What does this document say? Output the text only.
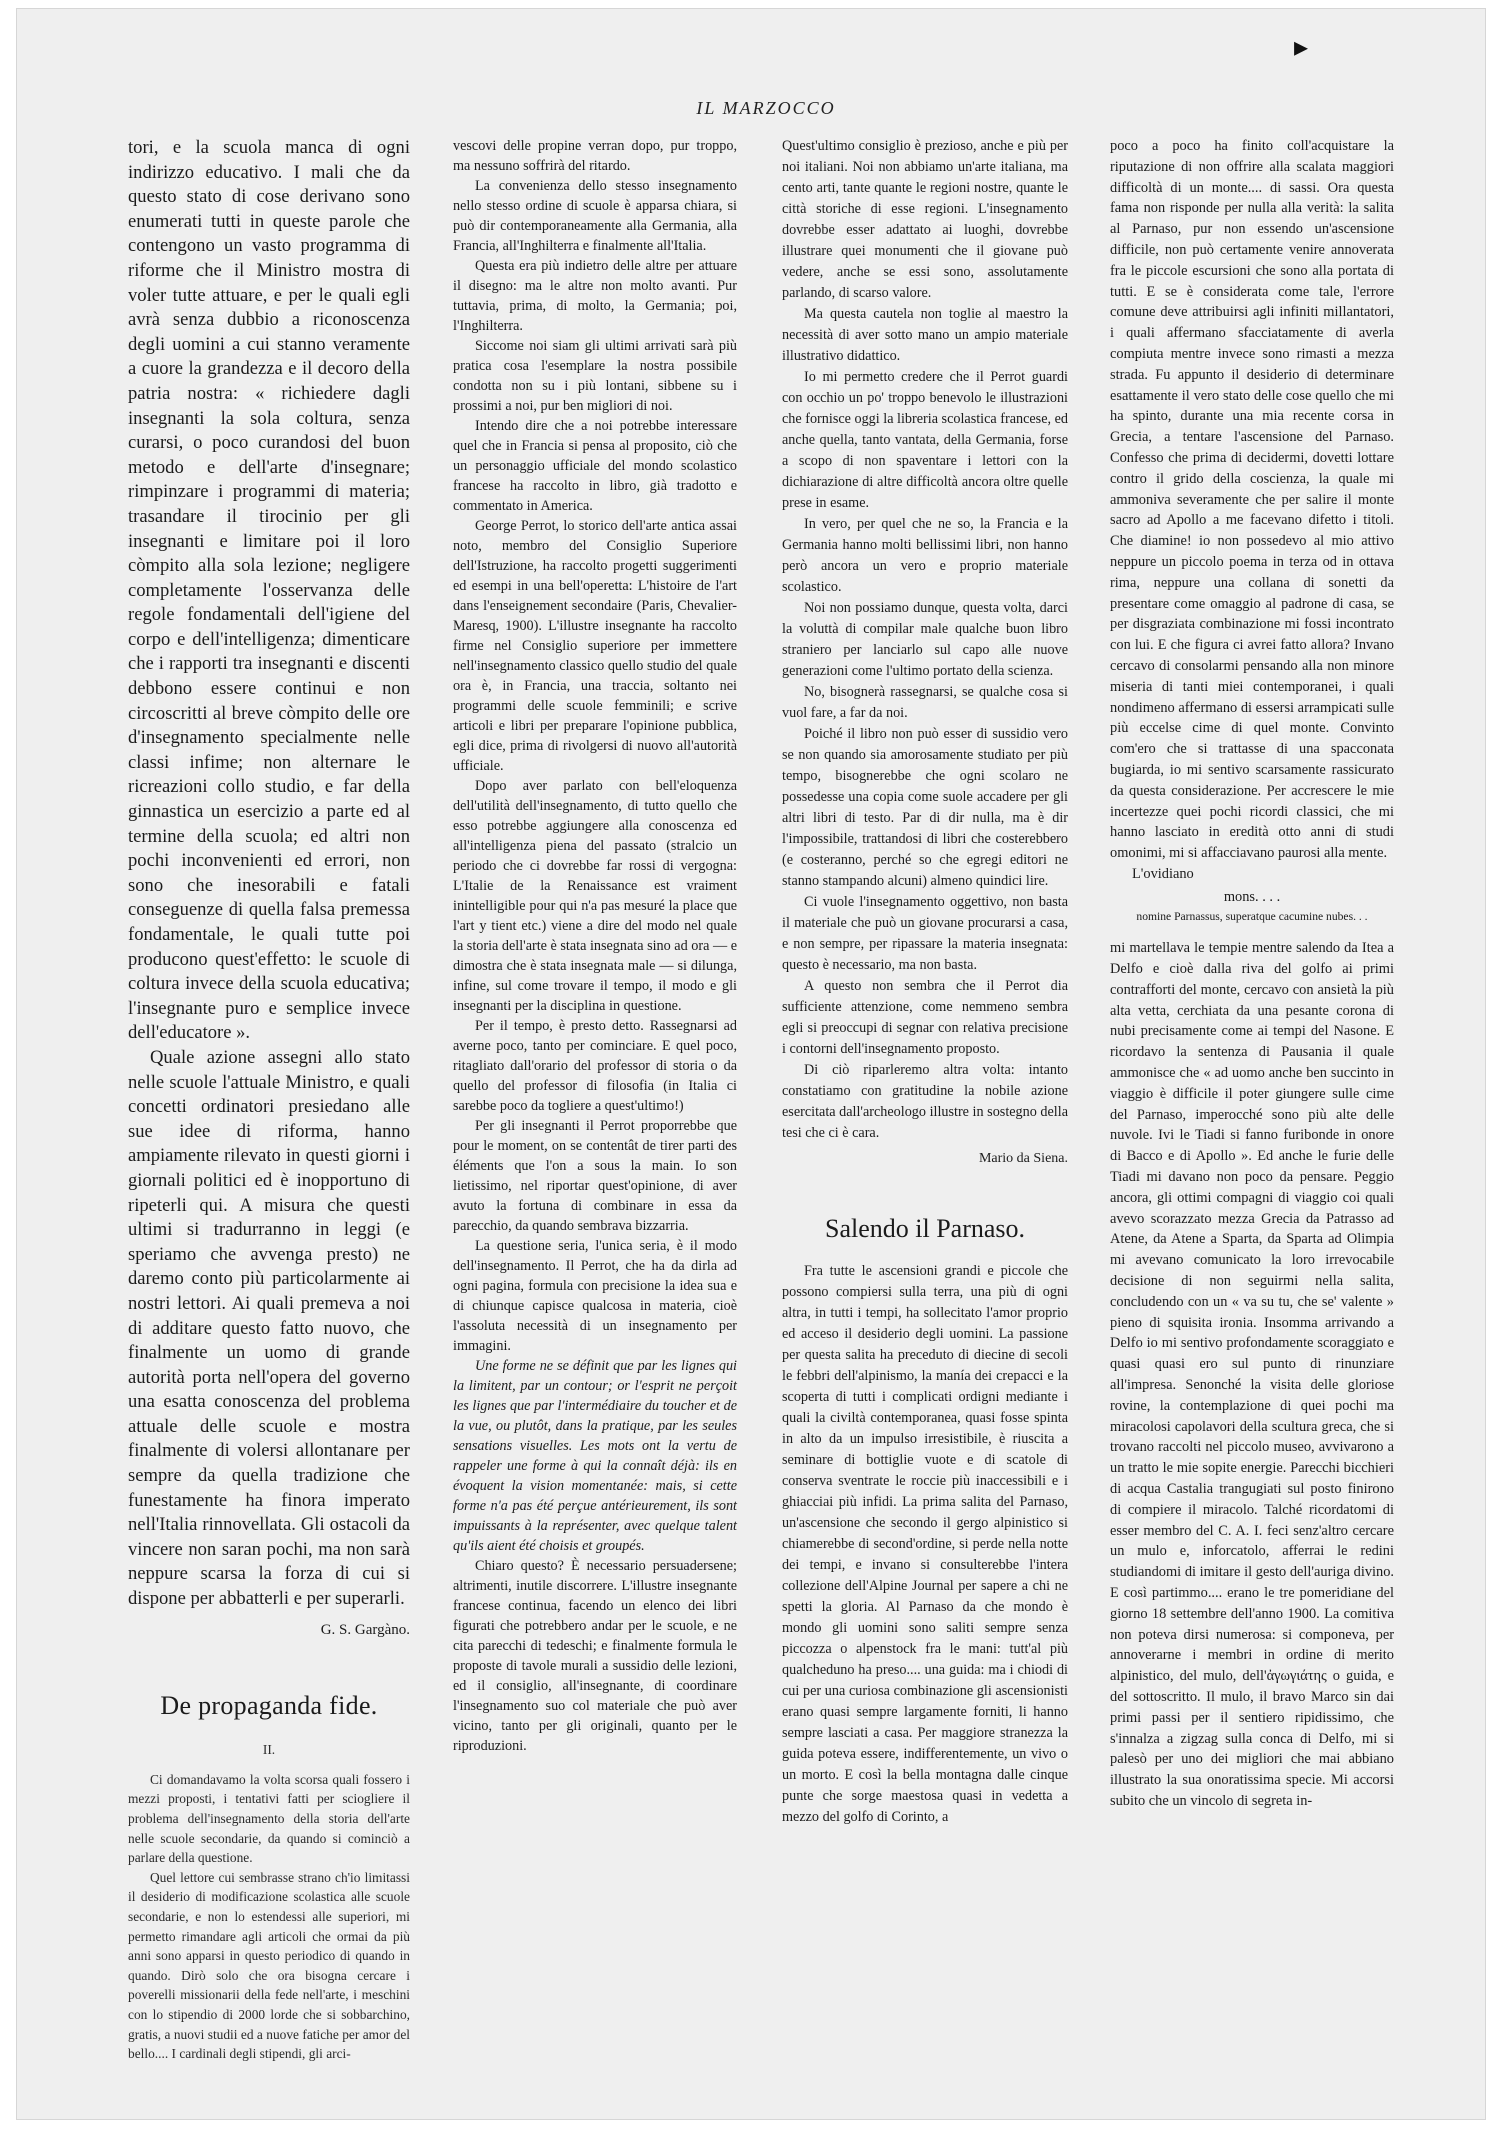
▸
IL MARZOCCO

tori, e la scuola manca di ogni indirizzo educativo. I mali che da questo stato di cose derivano sono enumerati tutti in queste parole che contengono un vasto programma di riforme che il Ministro mostra di voler tutte attuare, e per le quali egli avrà senza dubbio a riconoscenza degli uomini a cui stanno veramente a cuore la grandezza e il decoro della patria nostra: « richiedere dagli insegnanti la sola coltura, senza curarsi, o poco curandosi del buon metodo e dell'arte d'insegnare; rimpinzare i programmi di materia; trasandare il tirocinio per gli insegnanti e limitare poi il loro còmpito alla sola lezione; negligere completamente l'osservanza delle regole fondamentali dell'igiene del corpo e dell'intelligenza; dimenticare che i rapporti tra insegnanti e discenti debbono essere continui e non circoscritti al breve còmpito delle ore d'insegnamento specialmente nelle classi infime; non alternare le ricreazioni collo studio, e far della ginnastica un esercizio a parte ed al termine della scuola; ed altri non pochi inconvenienti ed errori, non sono che inesorabili e fatali conseguenze di quella falsa premessa fondamentale, le quali tutte poi producono quest'effetto: le scuole di coltura invece della scuola educativa; l'insegnante puro e semplice invece dell'educatore ».

Quale azione assegni allo stato nelle scuole l'attuale Ministro, e quali concetti ordinatori presiedano alle sue idee di riforma, hanno ampiamente rilevato in questi giorni i giornali politici ed è inopportuno di ripeterli qui. A misura che questi ultimi si tradurranno in leggi (e speriamo che avvenga presto) ne daremo conto più particolarmente ai nostri lettori. Ai quali premeva a noi di additare questo fatto nuovo, che finalmente un uomo di grande autorità porta nell'opera del governo una esatta conoscenza del problema attuale delle scuole e mostra finalmente di volersi allontanare per sempre da quella tradizione che funestamente ha finora imperato nell'Italia rinnovellata. Gli ostacoli da vincere non saran pochi, ma non sarà neppure scarsa la forza di cui si dispone per abbatterli e per superarli.

G. S. Gargàno.

De propaganda fide.

II.

Ci domandavamo la volta scorsa quali fossero i mezzi proposti, i tentativi fatti per sciogliere il problema dell'insegnamento della storia dell'arte nelle scuole secondarie, da quando si cominciò a parlare della questione.

Quel lettore cui sembrasse strano ch'io limitassi il desiderio di modificazione scolastica alle scuole secondarie, e non lo estendessi alle superiori, mi permetto rimandare agli articoli che ormai da più anni sono apparsi in questo periodico di quando in quando. Dirò solo che ora bisogna cercare i poverelli missionarii della fede nell'arte, i meschini con lo stipendio di 2000 lorde che si sobbarchino, gratis, a nuovi studii ed a nuove fatiche per amor del bello.... I cardinali degli stipendi, gli arci-

vescovi delle propine verran dopo, pur troppo, ma nessuno soffrirà del ritardo.

La convenienza dello stesso insegnamento nello stesso ordine di scuole è apparsa chiara, si può dir contemporaneamente alla Germania, alla Francia, all'Inghilterra e finalmente all'Italia.

Questa era più indietro delle altre per attuare il disegno: ma le altre non molto avanti. Pur tuttavia, prima, di molto, la Germania; poi, l'Inghilterra.

Siccome noi siam gli ultimi arrivati sarà più pratica cosa l'esemplare la nostra possibile condotta non su i più lontani, sibbene su i prossimi a noi, pur ben migliori di noi.

Intendo dire che a noi potrebbe interessare quel che in Francia si pensa al proposito, ciò che un personaggio ufficiale del mondo scolastico francese ha raccolto in libro, già tradotto e commentato in America.

George Perrot, lo storico dell'arte antica assai noto, membro del Consiglio Superiore dell'Istruzione, ha raccolto progetti suggerimenti ed esempi in una bell'operetta: L'histoire de l'art dans l'enseignement secondaire (Paris, Chevalier-Maresq, 1900). L'illustre insegnante ha raccolto firme nel Consiglio superiore per immettere nell'insegnamento classico quello studio del quale ora è, in Francia, una traccia, soltanto nei programmi delle scuole femminili; e scrive articoli e libri per preparare l'opinione pubblica, egli dice, prima di rivolgersi di nuovo all'autorità ufficiale.

Dopo aver parlato con bell'eloquenza dell'utilità dell'insegnamento, di tutto quello che esso potrebbe aggiungere alla conoscenza ed all'intelligenza piena del passato (stralcio un periodo che ci dovrebbe far rossi di vergogna: L'Italie de la Renaissance est vraiment inintelligible pour qui n'a pas mesuré la place que l'art y tient etc.) viene a dire del modo nel quale la storia dell'arte è stata insegnata sino ad ora — e dimostra che è stata insegnata male — si dilunga, infine, sul come trovare il tempo, il modo e gli insegnanti per la disciplina in questione.

Per il tempo, è presto detto. Rassegnarsi ad averne poco, tanto per cominciare. E quel poco, ritagliato dall'orario del professor di storia o da quello del professor di filosofia (in Italia ci sarebbe poco da togliere a quest'ultimo!)

Per gli insegnanti il Perrot proporrebbe que pour le moment, on se contentât de tirer parti des éléments que l'on a sous la main. Io son lietissimo, nel riportar quest'opinione, di aver avuto la fortuna di combinare in essa da parecchio, da quando sembrava bizzarria.

La questione seria, l'unica seria, è il modo dell'insegnamento. Il Perrot, che ha da dirla ad ogni pagina, formula con precisione la idea sua e di chiunque capisce qualcosa in materia, cioè l'assoluta necessità di un insegnamento per immagini.

Une forme ne se définit que par les lignes qui la limitent, par un contour; or l'esprit ne perçoit les lignes que par l'intermédiaire du toucher et de la vue, ou plutôt, dans la pratique, par les seules sensations visuelles. Les mots ont la vertu de rappeler une forme à qui la connaît déjà: ils en évoquent la vision momentanée: mais, si cette forme n'a pas été perçue antérieurement, ils sont impuissants à la représenter, avec quelque talent qu'ils aient été choisis et groupés.

Chiaro questo? È necessario persuadersene; altrimenti, inutile discorrere. L'illustre insegnante francese continua, facendo un elenco dei libri figurati che potrebbero andar per le scuole, e ne cita parecchi di tedeschi; e finalmente formula le proposte di tavole murali a sussidio delle lezioni, ed il consiglio, all'insegnante, di coordinare l'insegnamento suo col materiale che può aver vicino, tanto per gli originali, quanto per le riproduzioni.

Quest'ultimo consiglio è prezioso, anche e più per noi italiani. Noi non abbiamo un'arte italiana, ma cento arti, tante quante le regioni nostre, quante le città storiche di esse regioni. L'insegnamento dovrebbe esser adattato ai luoghi, dovrebbe illustrare quei monumenti che il giovane può vedere, anche se essi sono, assolutamente parlando, di scarso valore.

Ma questa cautela non toglie al maestro la necessità di aver sotto mano un ampio materiale illustrativo didattico.

Io mi permetto credere che il Perrot guardi con occhio un po' troppo benevolo le illustrazioni che fornisce oggi la libreria scolastica francese, ed anche quella, tanto vantata, della Germania, forse a scopo di non spaventare i lettori con la dichiarazione di altre difficoltà ancora oltre quelle prese in esame.

In vero, per quel che ne so, la Francia e la Germania hanno molti bellissimi libri, non hanno però ancora un vero e proprio materiale scolastico.

Noi non possiamo dunque, questa volta, darci la voluttà di compilar male qualche buon libro straniero per lanciarlo sul capo alle nuove generazioni come l'ultimo portato della scienza.

No, bisognerà rassegnarsi, se qualche cosa si vuol fare, a far da noi.

Poiché il libro non può esser di sussidio vero se non quando sia amorosamente studiato per più tempo, bisognerebbe che ogni scolaro ne possedesse una copia come suole accadere per gli altri libri di testo. Par di dir nulla, ma è dir l'impossibile, trattandosi di libri che costerebbero (e costeranno, perché so che egregi editori ne stanno stampando alcuni) almeno quindici lire.

Ci vuole l'insegnamento oggettivo, non basta il materiale che può un giovane procurarsi a casa, e non sempre, per ripassare la materia insegnata: questo è necessario, ma non basta.

A questo non sembra che il Perrot dia sufficiente attenzione, come nemmeno sembra egli si preoccupi di segnar con relativa precisione i contorni dell'insegnamento proposto.

Di ciò riparleremo altra volta: intanto constatiamo con gratitudine la nobile azione esercitata dall'archeologo illustre in sostegno della tesi che ci è cara.

Mario da Siena.

Salendo il Parnaso.

Fra tutte le ascensioni grandi e piccole che possono compiersi sulla terra, una più di ogni altra, in tutti i tempi, ha sollecitato l'amor proprio ed acceso il desiderio degli uomini. La passione per questa salita ha preceduto di diecine di secoli le febbri dell'alpinismo, la manía dei crepacci e la scoperta di tutti i complicati ordigni mediante i quali la civiltà contemporanea, quasi fosse spinta in alto da un impulso irresistibile, è riuscita a seminare di bottiglie vuote e di scatole di conserva sventrate le roccie più inaccessibili e i ghiacciai più infidi. La prima salita del Parnaso, un'ascensione che secondo il gergo alpinistico si chiamerebbe di second'ordine, si perde nella notte dei tempi, e invano si consulterebbe l'intera collezione dell'Alpine Journal per sapere a chi ne spetti la gloria. Al Parnaso da che mondo è mondo gli uomini sono saliti sempre senza piccozza o alpenstock fra le mani: tutt'al più qualcheduno ha preso.... una guida: ma i chiodi di cui per una curiosa combinazione gli ascensionisti erano quasi sempre largamente forniti, li hanno sempre lasciati a casa. Per maggiore stranezza la guida poteva essere, indifferentemente, un vivo o un morto. E così la bella montagna dalle cinque punte che sorge maestosa quasi in vedetta a mezzo del golfo di Corinto, a

poco a poco ha finito coll'acquistare la riputazione di non offrire alla scalata maggiori difficoltà di un monte.... di sassi. Ora questa fama non risponde per nulla alla verità: la salita al Parnaso, pur non essendo un'ascensione difficile, non può certamente venire annoverata fra le piccole escursioni che sono alla portata di tutti. E se è considerata come tale, l'errore comune deve attribuirsi agli infiniti millantatori, i quali affermano sfacciatamente di averla compiuta mentre invece sono rimasti a mezza strada. Fu appunto il desiderio di determinare esattamente il vero stato delle cose quello che mi ha spinto, durante una mia recente corsa in Grecia, a tentare l'ascensione del Parnaso. Confesso che prima di decidermi, dovetti lottare contro il grido della coscienza, la quale mi ammoniva severamente che per salire il monte sacro ad Apollo a me facevano difetto i titoli. Che diamine! io non possedevo al mio attivo neppure un piccolo poema in terza od in ottava rima, neppure una collana di sonetti da presentare come omaggio al padrone di casa, se per disgraziata combinazione mi fossi incontrato con lui. E che figura ci avrei fatto allora? Invano cercavo di consolarmi pensando alla non minore miseria di tanti miei contemporanei, i quali nondimeno affermano di essersi arrampicati sulle più eccelse cime di quel monte. Convinto com'ero che si trattasse di una spacconata bugiarda, io mi sentivo scarsamente rassicurato da questa considerazione. Per accrescere le mie incertezze quei pochi ricordi classici, che mi hanno lasciato in eredità otto anni di studi omonimi, mi si affacciavano paurosi alla mente.

L'ovidiano

mons. . . .

nomine Parnassus, superatque cacumine nubes. . .

mi martellava le tempie mentre salendo da Itea a Delfo e cioè dalla riva del golfo ai primi contrafforti del monte, cercavo con ansietà la più alta vetta, cerchiata da una pesante corona di nubi precisamente come ai tempi del Nasone. E ricordavo la sentenza di Pausania il quale ammonisce che « ad uomo anche ben succinto in viaggio è difficile il poter giungere sulle cime del Parnaso, imperocché sono più alte delle nuvole. Ivi le Tiadi si fanno furibonde in onore di Bacco e di Apollo ». Ed anche le furie delle Tiadi mi davano non poco da pensare. Peggio ancora, gli ottimi compagni di viaggio coi quali avevo scorazzato mezza Grecia da Patrasso ad Atene, da Atene a Sparta, da Sparta ad Olimpia mi avevano comunicato la loro irrevocabile decisione di non seguirmi nella salita, concludendo con un « va su tu, che se' valente » pieno di squisita ironia. Insomma arrivando a Delfo io mi sentivo profondamente scoraggiato e quasi quasi ero sul punto di rinunziare all'impresa. Senonché la visita delle gloriose rovine, la contemplazione di quei pochi ma miracolosi capolavori della scultura greca, che si trovano raccolti nel piccolo museo, avvivarono a un tratto le mie sopite energie. Parecchi bicchieri di acqua Castalia trangugiati sul posto finirono di compiere il miracolo. Talché ricordatomi di esser membro del C. A. I. feci senz'altro cercare un mulo e, inforcatolo, afferrai le redini studiandomi di imitare il gesto dell'auriga divino. E così partimmo.... erano le tre pomeridiane del giorno 18 settembre dell'anno 1900. La comitiva non poteva dirsi numerosa: si componeva, per annoverarne i membri in ordine di merito alpinistico, del mulo, dell'ἀγωγιάτης o guida, e del sottoscritto. Il mulo, il bravo Marco sin dai primi passi per il sentiero ripidissimo, che s'innalza a zigzag sulla conca di Delfo, mi si palesò per uno dei migliori che mai abbiano illustrato la sua onoratissima specie. Mi accorsi subito che un vincolo di segreta in-
